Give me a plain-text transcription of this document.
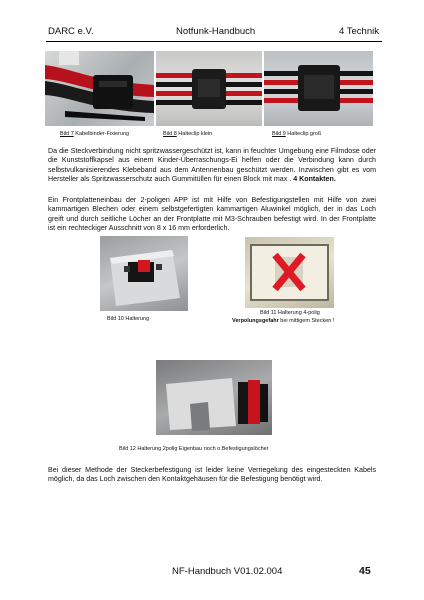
DARC e.V.	Notfunk-Handbuch	4 Technik
Bild 7 Kabelbinder-Fixierung	Bild 8 Halteclip klein	Bild 9 Halteclip groß
Da die Steckverbindung nicht spritzwassergeschützt ist, kann in feuchter Umgebung eine Filmdose oder die Kunststoffkapsel aus einem Kinder-Überraschungs-Ei helfen oder die Verbindung kann durch selbstvulkanisierendes Klebeband aus dem Antennenbau geschützt werden. Inzwischen gibt es vom Hersteller als Spritzwasserschutz auch Gummitüllen für einen Block mit max . 4 Kontakten.
Ein Frontplatteneinbau der 2-poligen APP ist mit Hilfe von Befestigungstellen mit Hilfe von zwei kammartigen Blechen oder einem selbstgefertigten kammartigen Aluwinkel möglich, der in das Loch greift und durch seitliche Löcher an der Frontplatte mit M3-Schrauben befestigt wird. In der Frontplatte ist ein rechteckiger Ausschnitt von 8 x 16 mm erforderlich.
Bild 10 Halterung
Bild 11 Halterung 4-polig
Verpolungsgefahr bei mittigem Stecken !
Bild 12 Halterung 2polig Eigenbau noch o.Befestigungslöcher
Bei dieser Methode der Steckerbefestigung ist leider keine Verriegelung des eingesteckten Kabels möglich, da das Loch zwischen den Kontaktgehäusen für die Befestigung benötigt wird.
NF-Handbuch V01.02.004	45
